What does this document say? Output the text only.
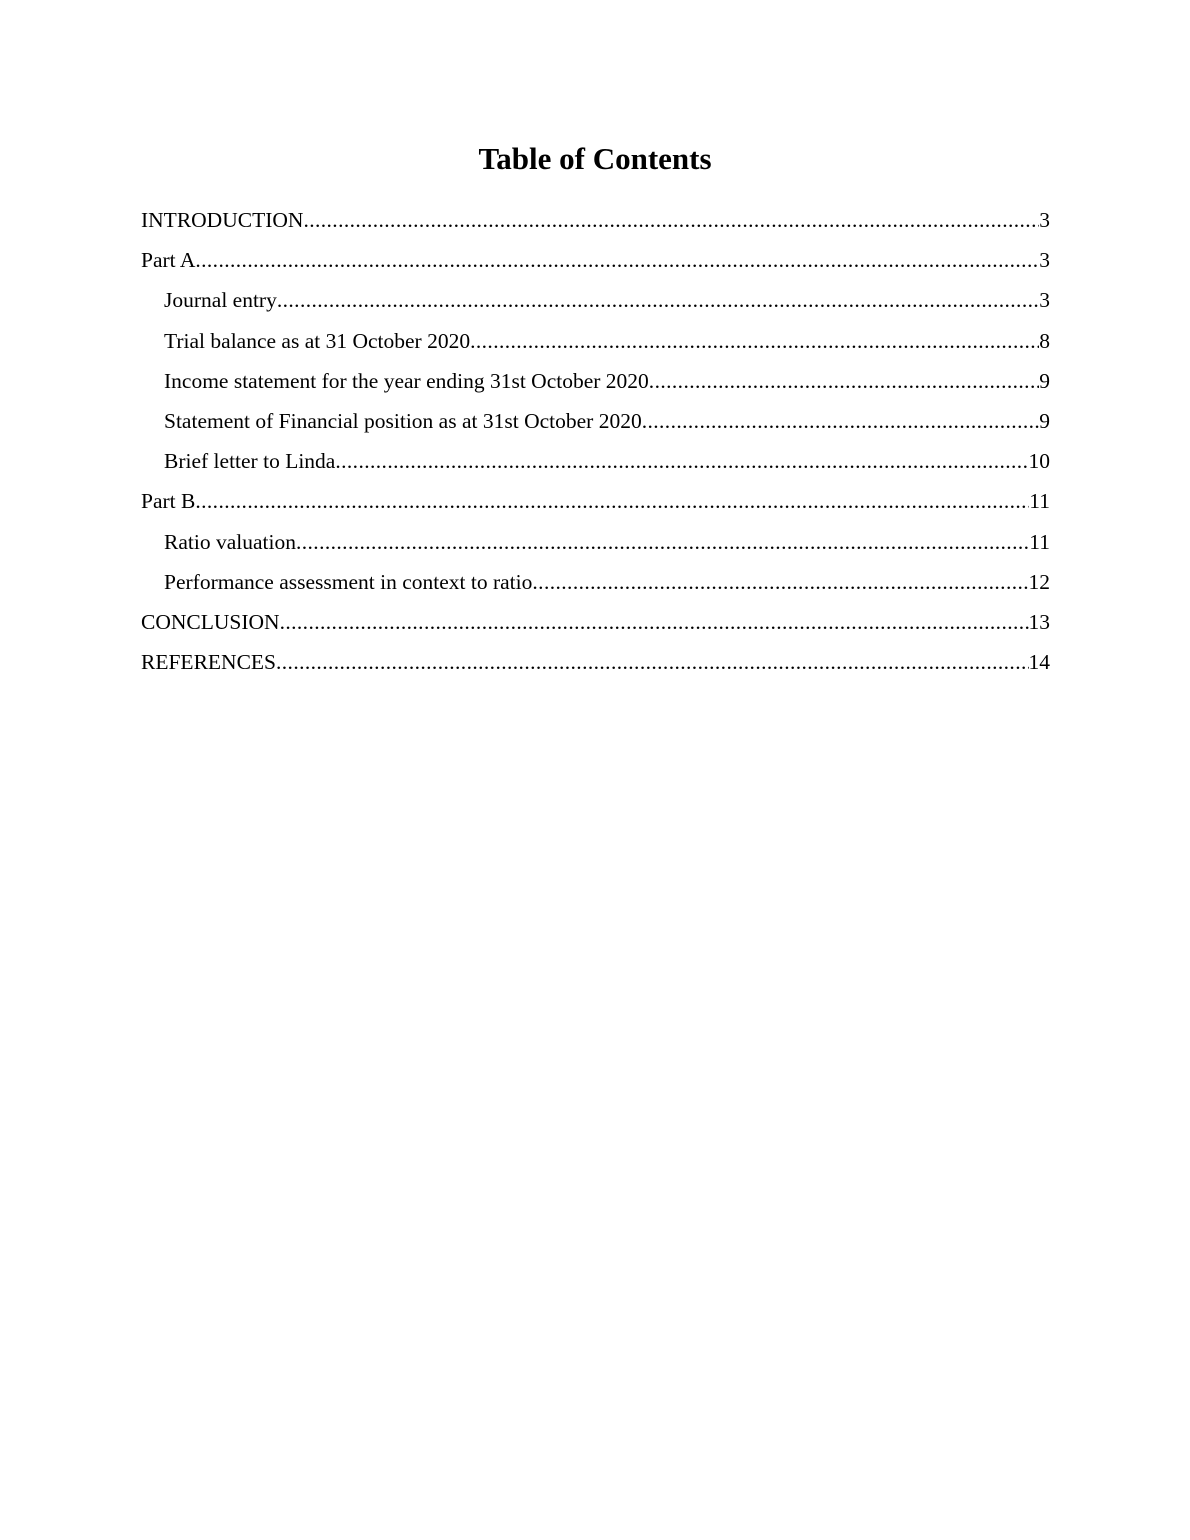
Table of Contents
INTRODUCTION .....	3
Part A .....	3
Journal entry .....	3
Trial balance as at 31 October 2020 .....	8
Income statement for the year ending 31st October 2020 .....	9
Statement of Financial position as at 31st October 2020 .....	9
Brief letter to Linda .....	10
Part B .....	11
Ratio valuation .....	11
Performance assessment in context to ratio .....	12
CONCLUSION .....	13
REFERENCES .....	14
